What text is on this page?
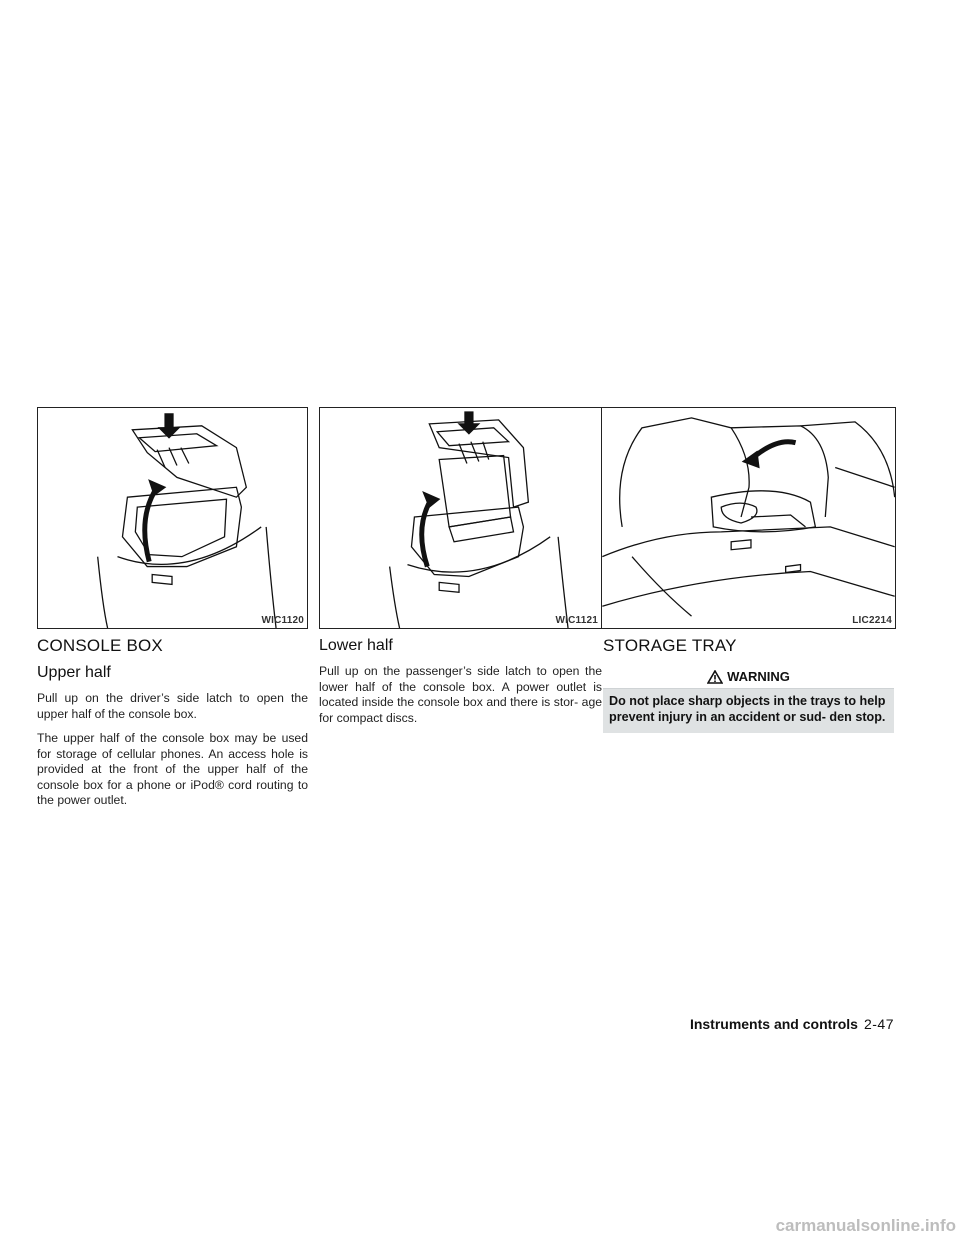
WIC1120	WIC1121	LIC2214
CONSOLE BOX
Upper half

Pull up on the driver’s side latch to open the upper half of the console box.

The upper half of the console box may be used for storage of cellular phones. An access hole is provided at the front of the upper half of the console box for a phone or iPod® cord routing to the power outlet.

Lower half

Pull up on the passenger’s side latch to open the lower half of the console box. A power outlet is located inside the console box and there is stor- age for compact discs.

STORAGE TRAY
WARNING
Do not place sharp objects in the trays to help prevent injury in an accident or sud- den stop.
Instruments and controls 2-47
carmanualsonline.info
